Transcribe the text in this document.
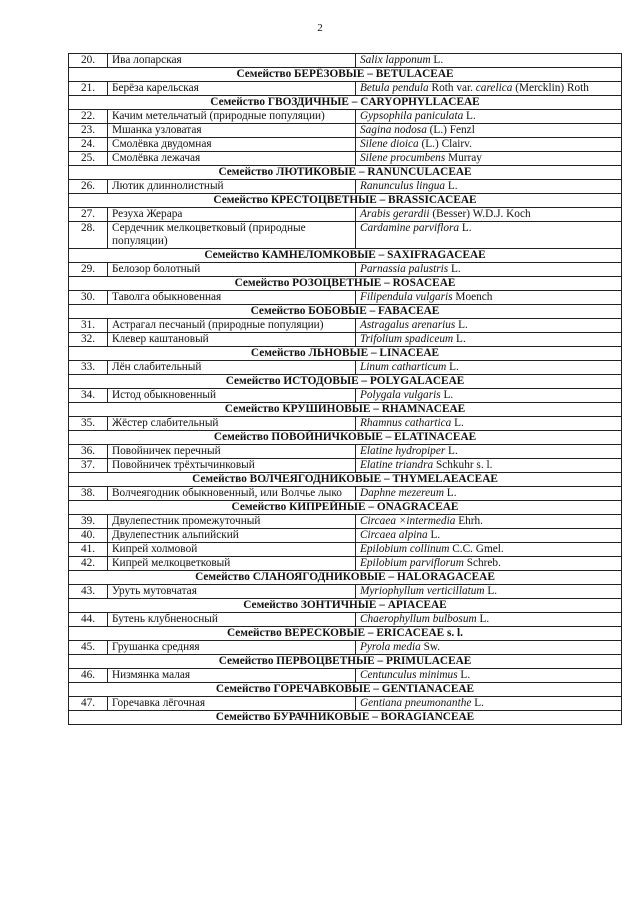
2
20.	Ива лопарская	Salix lapponum L.
Семейство БЕРЁЗОВЫЕ – BETULACEAE		
21.	Берёза карельская	Betula pendula Roth var. carelica (Mercklin) Roth
Семейство ГВОЗДИЧНЫЕ – CARYOPHYLLACEAE		
22.	Качим метельчатый (природные популяции)	Gypsophila paniculata L.
23.	Мшанка узловатая	Sagina nodosa (L.) Fenzl
24.	Смолёвка двудомная	Silene dioica (L.) Clairv.
25.	Смолёвка лежачая	Silene procumbens Murray
Семейство ЛЮТИКОВЫЕ – RANUNCULACEAE		
26.	Лютик длиннолистный	Ranunculus lingua L.
Семейство КРЕСТОЦВЕТНЫЕ – BRASSICACEAE		
27.	Резуха Жерара	Arabis gerardii (Besser) W.D.J. Koch
28.	Сердечник мелкоцветковый (природные популяции)	Cardamine parviflora L.
Семейство КАМНЕЛОМКОВЫЕ – SAXIFRAGACEAE		
29.	Белозор болотный	Parnassia palustris L.
Семейство РОЗОЦВЕТНЫЕ – ROSACEAE		
30.	Таволга обыкновенная	Filipendula vulgaris Moench
Семейство БОБОВЫЕ – FABACEAE		
31.	Астрагал песчаный (природные популяции)	Astragalus arenarius L.
32.	Клевер каштановый	Trifolium spadiceum L.
Семейство ЛЬНОВЫЕ – LINACEAE		
33.	Лён слабительный	Linum catharticum L.
Семейство ИСТОДОВЫЕ – POLYGALACEAE		
34.	Истод обыкновенный	Polygala vulgaris L.
Семейство КРУШИНОВЫЕ – RHAMNACEAE		
35.	Жёстер слабительный	Rhamnus cathartica L.
Семейство ПОВОЙНИЧКОВЫЕ – ELATINACEAE		
36.	Повойничек перечный	Elatine hydropiper L.
37.	Повойничек трёхтычинковый	Elatine triandra Schkuhr s. l.
Семейство ВОЛЧЕЯГОДНИКОВЫЕ – THYMELAEACEAE		
38.	Волчеягодник обыкновенный, или Волчье лыко	Daphne mezereum L.
Семейство КИПРЕЙНЫЕ – ONAGRACEAE		
39.	Двулепестник промежуточный	Circaea ×intermedia Ehrh.
40.	Двулепестник альпийский	Circaea alpina L.
41.	Кипрей холмовой	Epilobium collinum C.C. Gmel.
42.	Кипрей мелкоцветковый	Epilobium parviflorum Schreb.
Семейство СЛАНОЯГОДНИКОВЫЕ – HALORAGACEAE		
43.	Уруть мутовчатая	Myriophyllum verticillatum L.
Семейство ЗОНТИЧНЫЕ – APIACEAE		
44.	Бутень клубненосный	Chaerophyllum bulbosum L.
Семейство ВЕРЕСКОВЫЕ – ERICACEAE s. l.		
45.	Грушанка средняя	Pyrola media Sw.
Семейство ПЕРВОЦВЕТНЫЕ – PRIMULACEAE		
46.	Низмянка малая	Centunculus minimus L.
Семейство ГОРЕЧАВКОВЫЕ – GENTIANACEAE		
47.	Горечавка лёгочная	Gentiana pneumonanthe L.
Семейство БУРАЧНИКОВЫЕ – BORAGIANCEAE		
